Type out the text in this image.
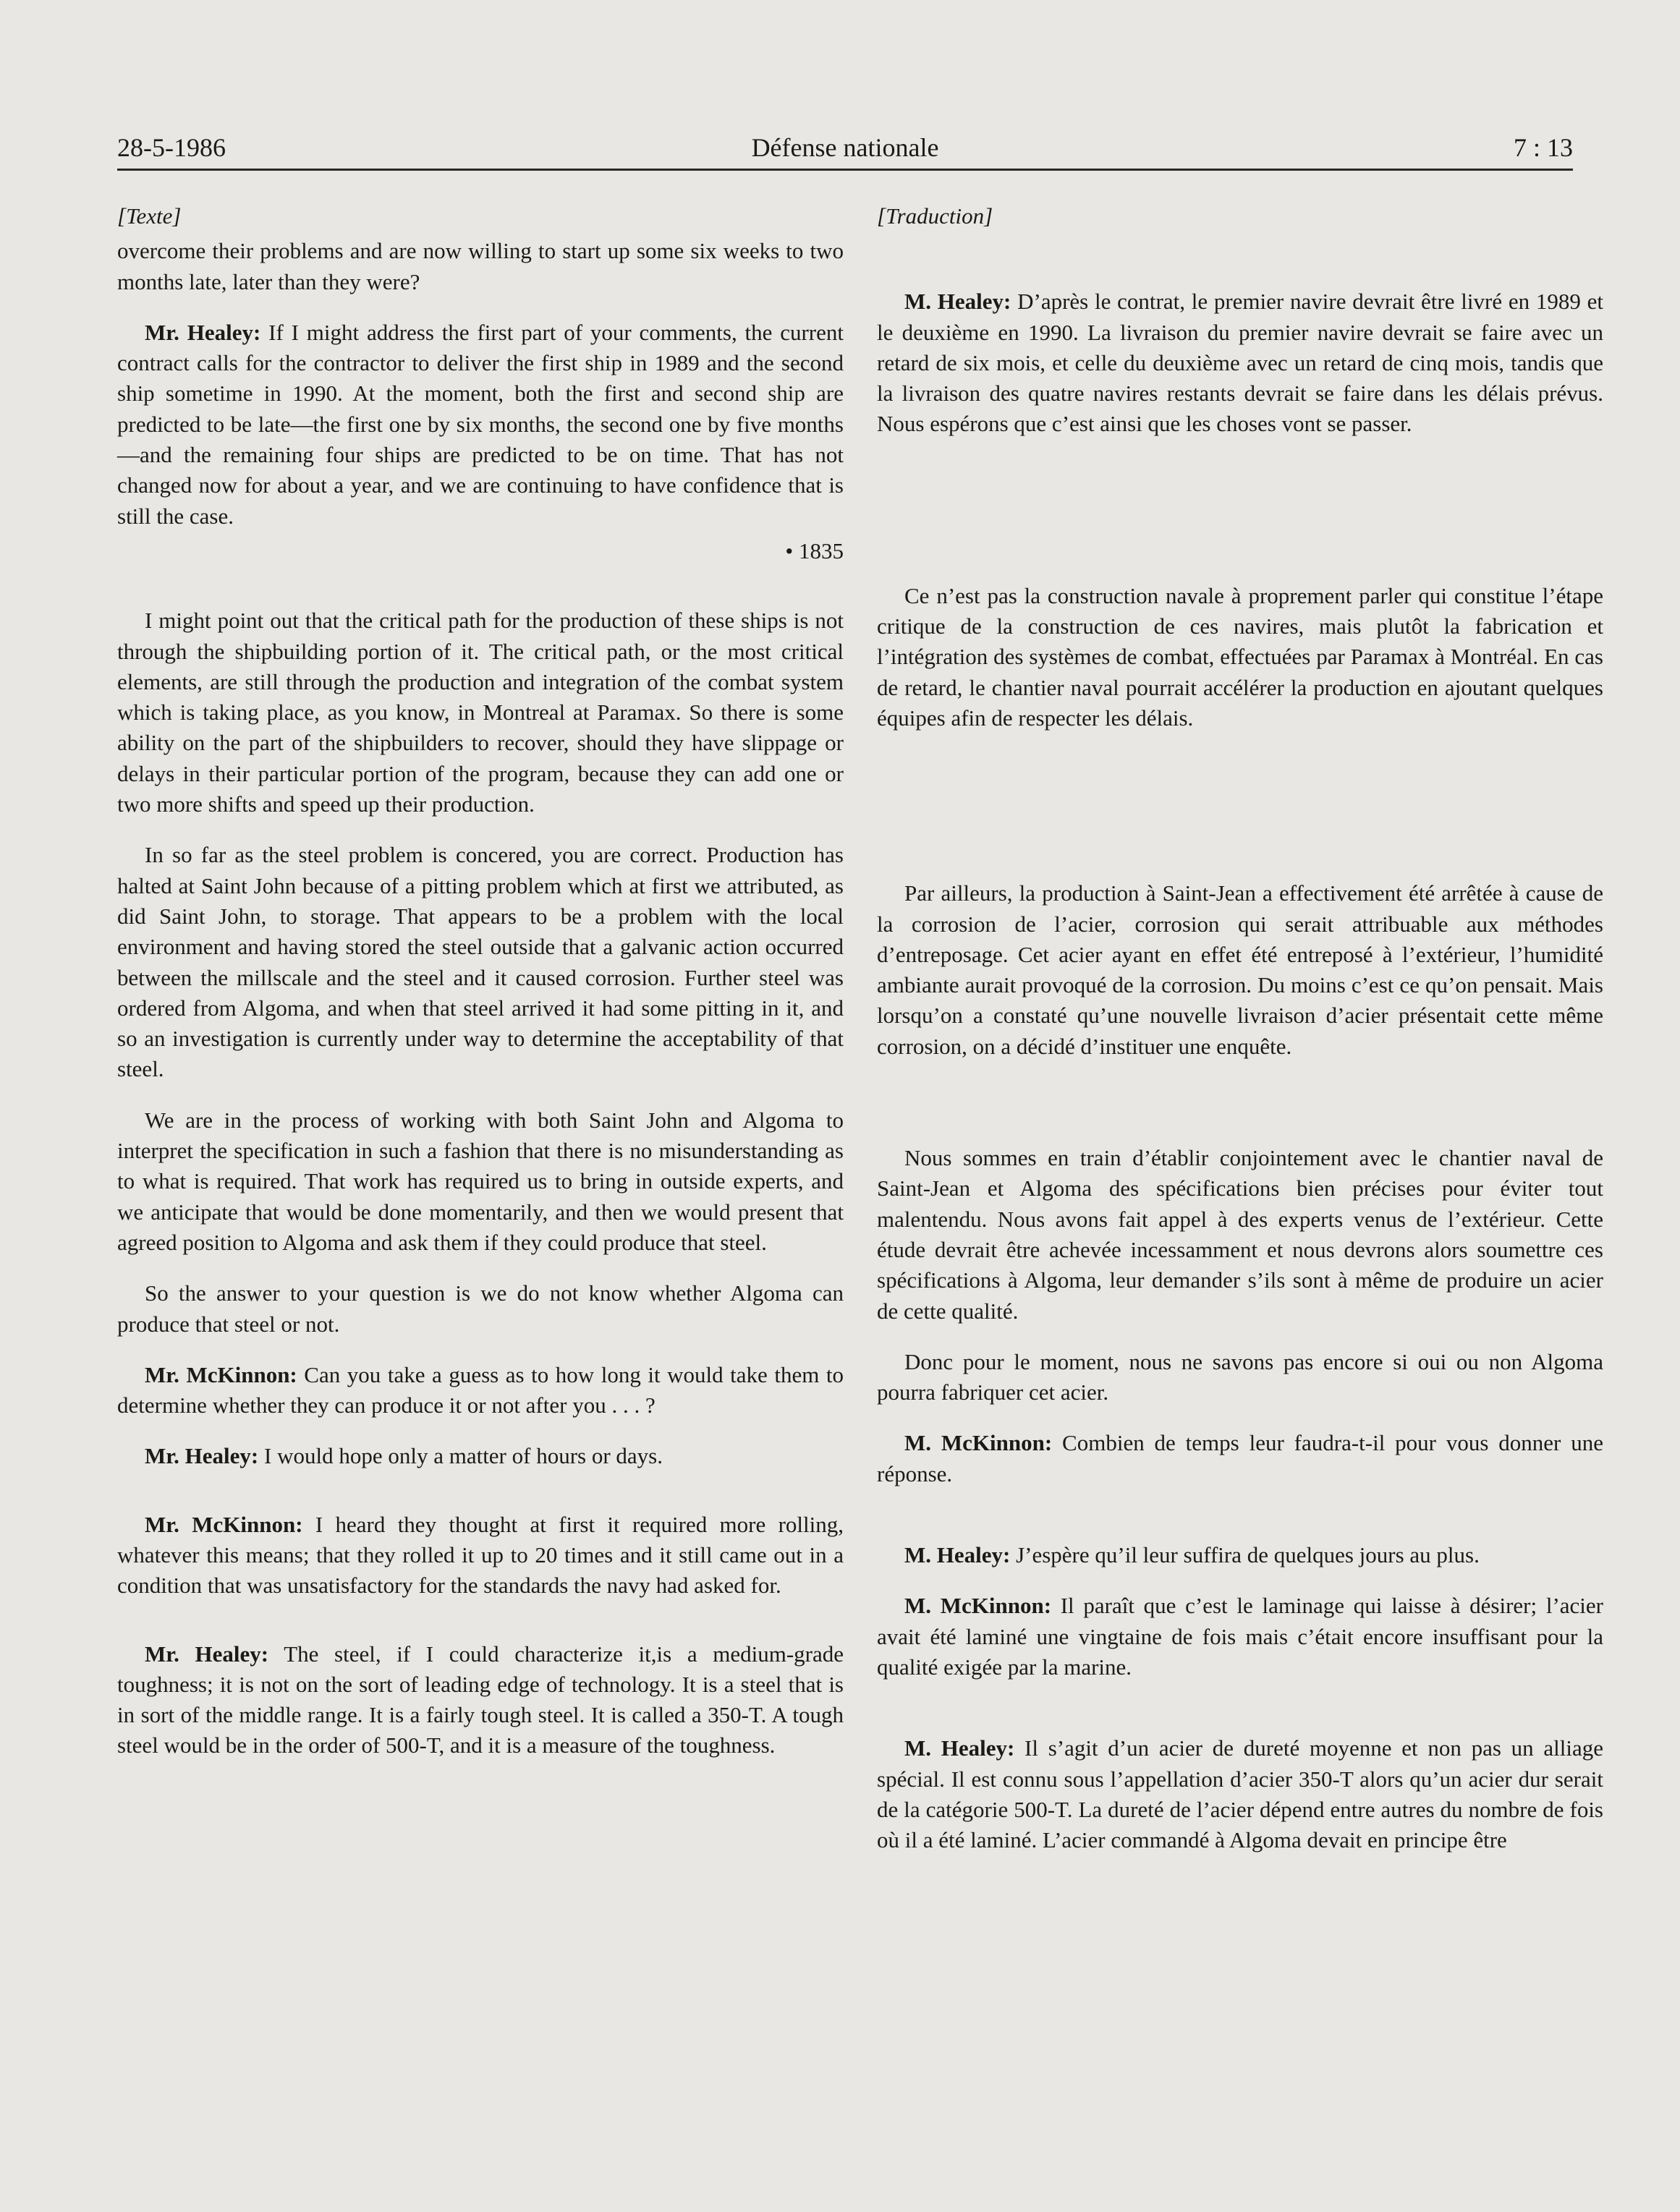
28-5-1986	Défense nationale	7 : 13

[Texte]

overcome their problems and are now willing to start up some six weeks to two months late, later than they were?

Mr. Healey: If I might address the first part of your comments, the current contract calls for the contractor to deliver the first ship in 1989 and the second ship sometime in 1990. At the moment, both the first and second ship are predicted to be late—the first one by six months, the second one by five months—and the remaining four ships are predicted to be on time. That has not changed now for about a year, and we are continuing to have confidence that is still the case.

• 1835

I might point out that the critical path for the production of these ships is not through the shipbuilding portion of it. The critical path, or the most critical elements, are still through the production and integration of the combat system which is taking place, as you know, in Montreal at Paramax. So there is some ability on the part of the shipbuilders to recover, should they have slippage or delays in their particular portion of the program, because they can add one or two more shifts and speed up their production.

In so far as the steel problem is concered, you are correct. Production has halted at Saint John because of a pitting problem which at first we attributed, as did Saint John, to storage. That appears to be a problem with the local environment and having stored the steel outside that a galvanic action occurred between the millscale and the steel and it caused corrosion. Further steel was ordered from Algoma, and when that steel arrived it had some pitting in it, and so an investigation is currently under way to determine the acceptability of that steel.

We are in the process of working with both Saint John and Algoma to interpret the specification in such a fashion that there is no misunderstanding as to what is required. That work has required us to bring in outside experts, and we anticipate that would be done momentarily, and then we would present that agreed position to Algoma and ask them if they could produce that steel.

So the answer to your question is we do not know whether Algoma can produce that steel or not.

Mr. McKinnon: Can you take a guess as to how long it would take them to determine whether they can produce it or not after you . . . ?

Mr. Healey: I would hope only a matter of hours or days.

Mr. McKinnon: I heard they thought at first it required more rolling, whatever this means; that they rolled it up to 20 times and it still came out in a condition that was unsatisfactory for the standards the navy had asked for.

Mr. Healey: The steel, if I could characterize it,is a medium-grade toughness; it is not on the sort of leading edge of technology. It is a steel that is in sort of the middle range. It is a fairly tough steel. It is called a 350-T. A tough steel would be in the order of 500-T, and it is a measure of the toughness.

[Traduction]

M. Healey: D’après le contrat, le premier navire devrait être livré en 1989 et le deuxième en 1990. La livraison du premier navire devrait se faire avec un retard de six mois, et celle du deuxième avec un retard de cinq mois, tandis que la livraison des quatre navires restants devrait se faire dans les délais prévus. Nous espérons que c’est ainsi que les choses vont se passer.

Ce n’est pas la construction navale à proprement parler qui constitue l’étape critique de la construction de ces navires, mais plutôt la fabrication et l’intégration des systèmes de combat, effectuées par Paramax à Montréal. En cas de retard, le chantier naval pourrait accélérer la production en ajoutant quelques équipes afin de respecter les délais.

Par ailleurs, la production à Saint-Jean a effectivement été arrêtée à cause de la corrosion de l’acier, corrosion qui serait attribuable aux méthodes d’entreposage. Cet acier ayant en effet été entreposé à l’extérieur, l’humidité ambiante aurait provoqué de la corrosion. Du moins c’est ce qu’on pensait. Mais lorsqu’on a constaté qu’une nouvelle livraison d’acier présentait cette même corrosion, on a décidé d’instituer une enquête.

Nous sommes en train d’établir conjointement avec le chantier naval de Saint-Jean et Algoma des spécifications bien précises pour éviter tout malentendu. Nous avons fait appel à des experts venus de l’extérieur. Cette étude devrait être achevée incessamment et nous devrons alors soumettre ces spécifications à Algoma, leur demander s’ils sont à même de produire un acier de cette qualité.

Donc pour le moment, nous ne savons pas encore si oui ou non Algoma pourra fabriquer cet acier.

M. McKinnon: Combien de temps leur faudra-t-il pour vous donner une réponse.

M. Healey: J’espère qu’il leur suffira de quelques jours au plus.

M. McKinnon: Il paraît que c’est le laminage qui laisse à désirer; l’acier avait été laminé une vingtaine de fois mais c’était encore insuffisant pour la qualité exigée par la marine.

M. Healey: Il s’agit d’un acier de dureté moyenne et non pas un alliage spécial. Il est connu sous l’appellation d’acier 350-T alors qu’un acier dur serait de la catégorie 500-T. La dureté de l’acier dépend entre autres du nombre de fois où il a été laminé. L’acier commandé à Algoma devait en principe être
